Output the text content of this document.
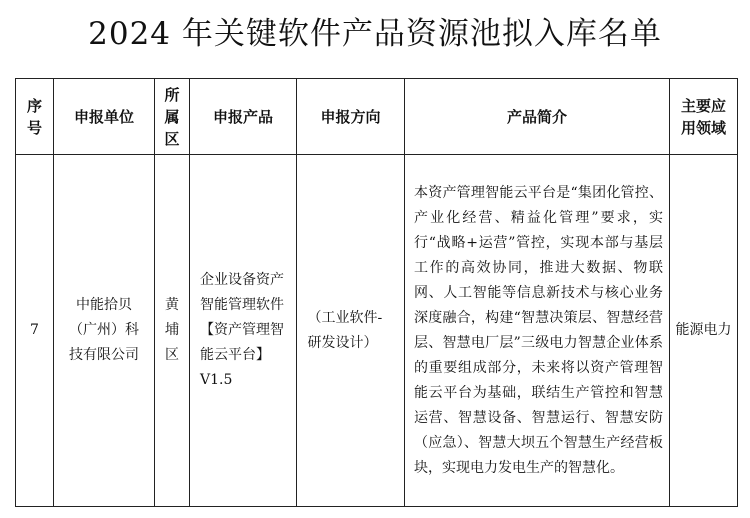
2024 年关键软件产品资源池拟入库名单
序号	申报单位	所属区	申报产品	申报方向	产品简介	主要应用领域

7	中能拾贝（广州）科技有限公司	黄埔区	企业设备资产智能管理软件【资产管理智能云平台】V1.5	（工业软件-研发设计）	本资产管理智能云平台是“集团化管控、产业化经营、精益化管理”要求，实行“战略+运营”管控，实现本部与基层工作的高效协同，推进大数据、物联网、人工智能等信息新技术与核心业务深度融合，构建“智慧决策层、智慧经营层、智慧电厂层”三级电力智慧企业体系的重要组成部分，未来将以资产管理智能云平台为基础，联结生产管控和智慧运营、智慧设备、智慧运行、智慧安防（应急）、智慧大坝五个智慧生产经营板块，实现电力发电生产的智慧化。	能源电力
